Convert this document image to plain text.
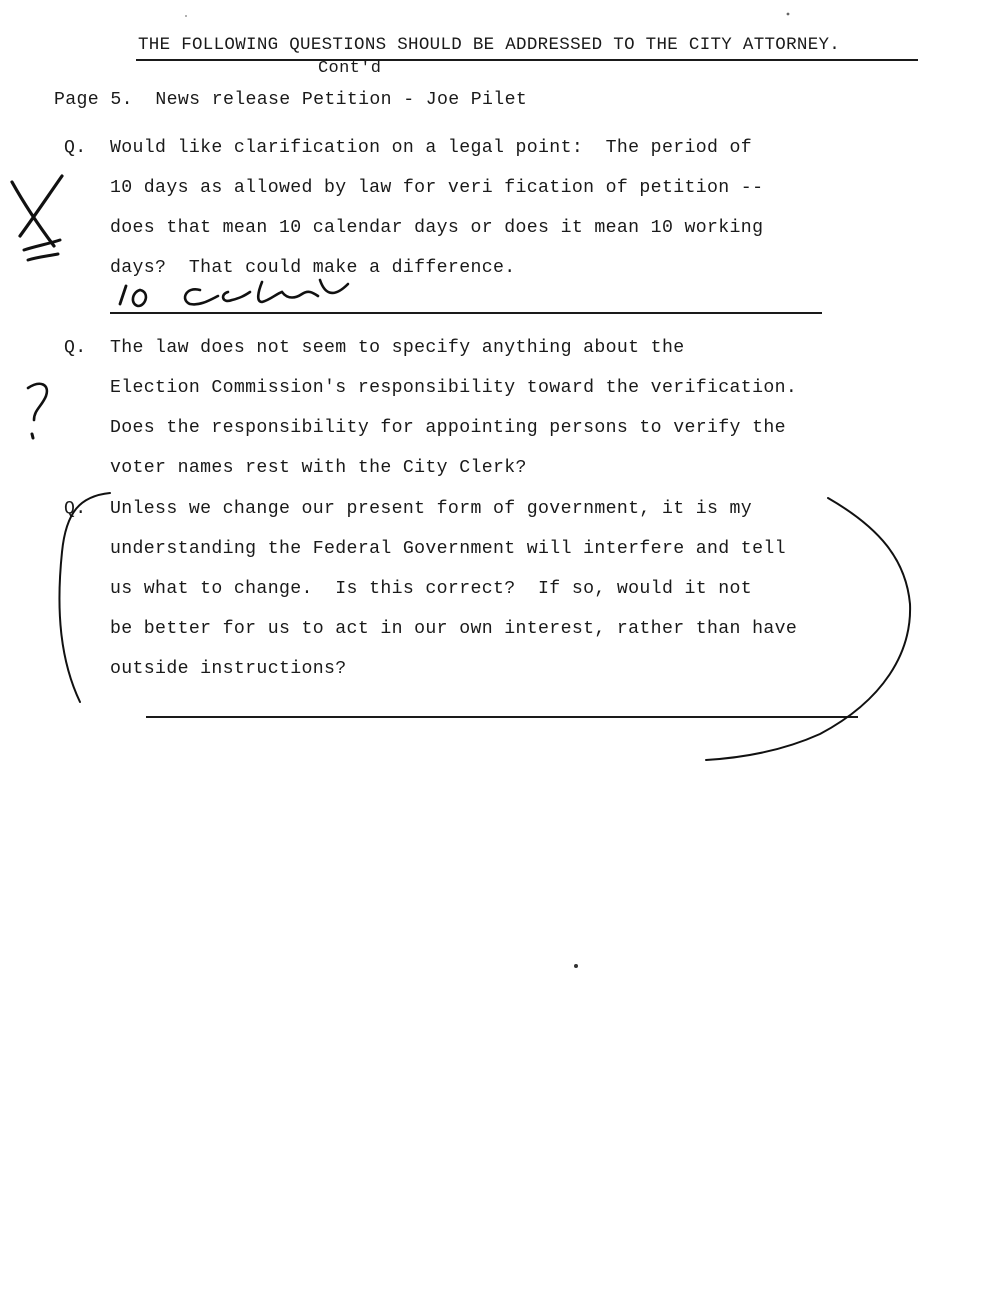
THE FOLLOWING QUESTIONS SHOULD BE ADDRESSED TO THE CITY ATTORNEY.
Cont'd
Page 5.  News release Petition - Joe Pilet
Q. Would like clarification on a legal point:  The period of
10 days as allowed by law for veri fication of petition --
does that mean 10 calendar days or does it mean 10 working
days?  That could make a difference.
Q. The law does not seem to specify anything about the
Election Commission's responsibility toward the verification.
Does the responsibility for appointing persons to verify the
voter names rest with the City Clerk?
Q. Unless we change our present form of government, it is my
understanding the Federal Government will interfere and tell
us what to change.  Is this correct?  If so, would it not
be better for us to act in our own interest, rather than have
outside instructions?
